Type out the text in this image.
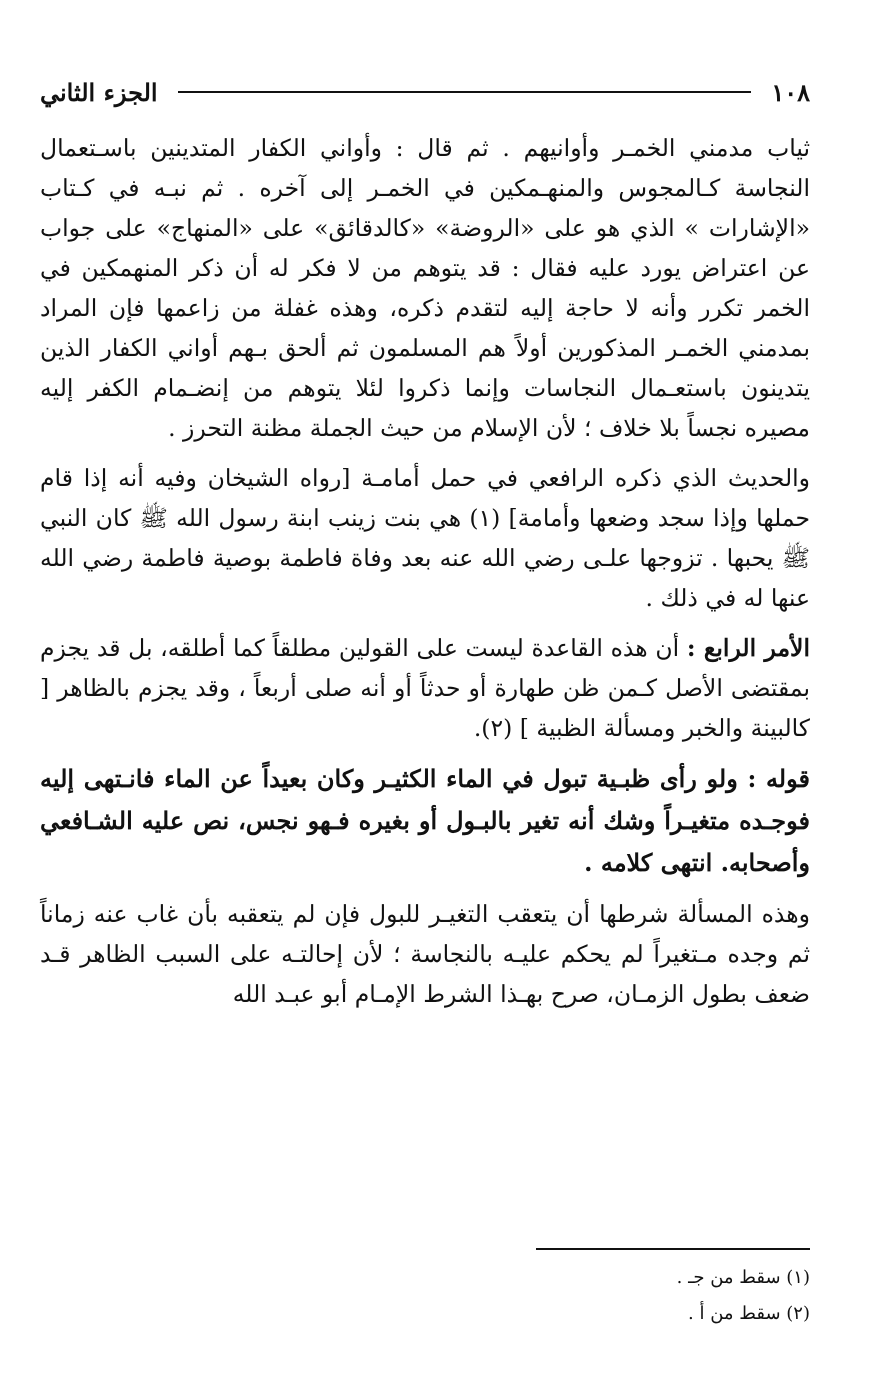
١٠٨
الجزء الثاني

ثياب مدمني الخمـر وأوانيهم . ثم قال : وأواني الكفار المتدينين باسـتعمال النجاسة كـالمجوس والمنهـمكين في الخمـر إلى آخره . ثم نبـه في كـتاب «الإشارات » الذي هو على «الروضة» «كالدقائق» على «المنهاج» على جواب عن اعتراض يورد عليه فقال : قد يتوهم من لا فكر له أن ذكر المنهمكين في الخمر تكرر وأنه لا حاجة إليه لتقدم ذكره، وهذه غفلة من زاعمها فإن المراد بمدمني الخمـر المذكورين أولاً هم المسلمون ثم ألحق بـهم أواني الكفار الذين يتدينون باستعـمال النجاسات وإنما ذكروا لئلا يتوهم من إنضـمام الكفر إليه مصيره نجساً بلا خلاف ؛ لأن الإسلام من حيث الجملة مظنة التحرز .

والحديث الذي ذكره الرافعي في حمل أمامـة [رواه الشيخان وفيه أنه إذا قام حملها وإذا سجد وضعها وأمامة] (١) هي بنت زينب ابنة رسول الله ﷺ كان النبي ﷺ يحبها . تزوجها علـى رضي الله عنه بعد وفاة فاطمة بوصية فاطمة رضي الله عنها له في ذلك .

الأمر الرابع : أن هذه القاعدة ليست على القولين مطلقاً كما أطلقه، بل قد يجزم بمقتضى الأصل كـمن ظن طهارة أو حدثاً أو أنه صلى أربعاً ، وقد يجزم بالظاهر [ كالبينة والخبر ومسألة الظبية ] (٢).

قوله : ولو رأى ظبـية تبول في الماء الكثيـر وكان بعيداً عن الماء فانـتهى إليه فوجـده متغيـراً وشك أنه تغير بالبـول أو بغيره فـهو نجس، نص عليه الشـافعي وأصحابه. انتهى كلامه .

وهذه المسألة شرطها أن يتعقب التغيـر للبول فإن لم يتعقبه بأن غاب عنه زماناً ثم وجده مـتغيراً لم يحكم عليـه بالنجاسة ؛ لأن إحالتـه على السبب الظاهر قـد ضعف بطول الزمـان، صرح بهـذا الشرط الإمـام أبو عبـد الله

(١) سقط من جـ .

(٢) سقط من أ .
